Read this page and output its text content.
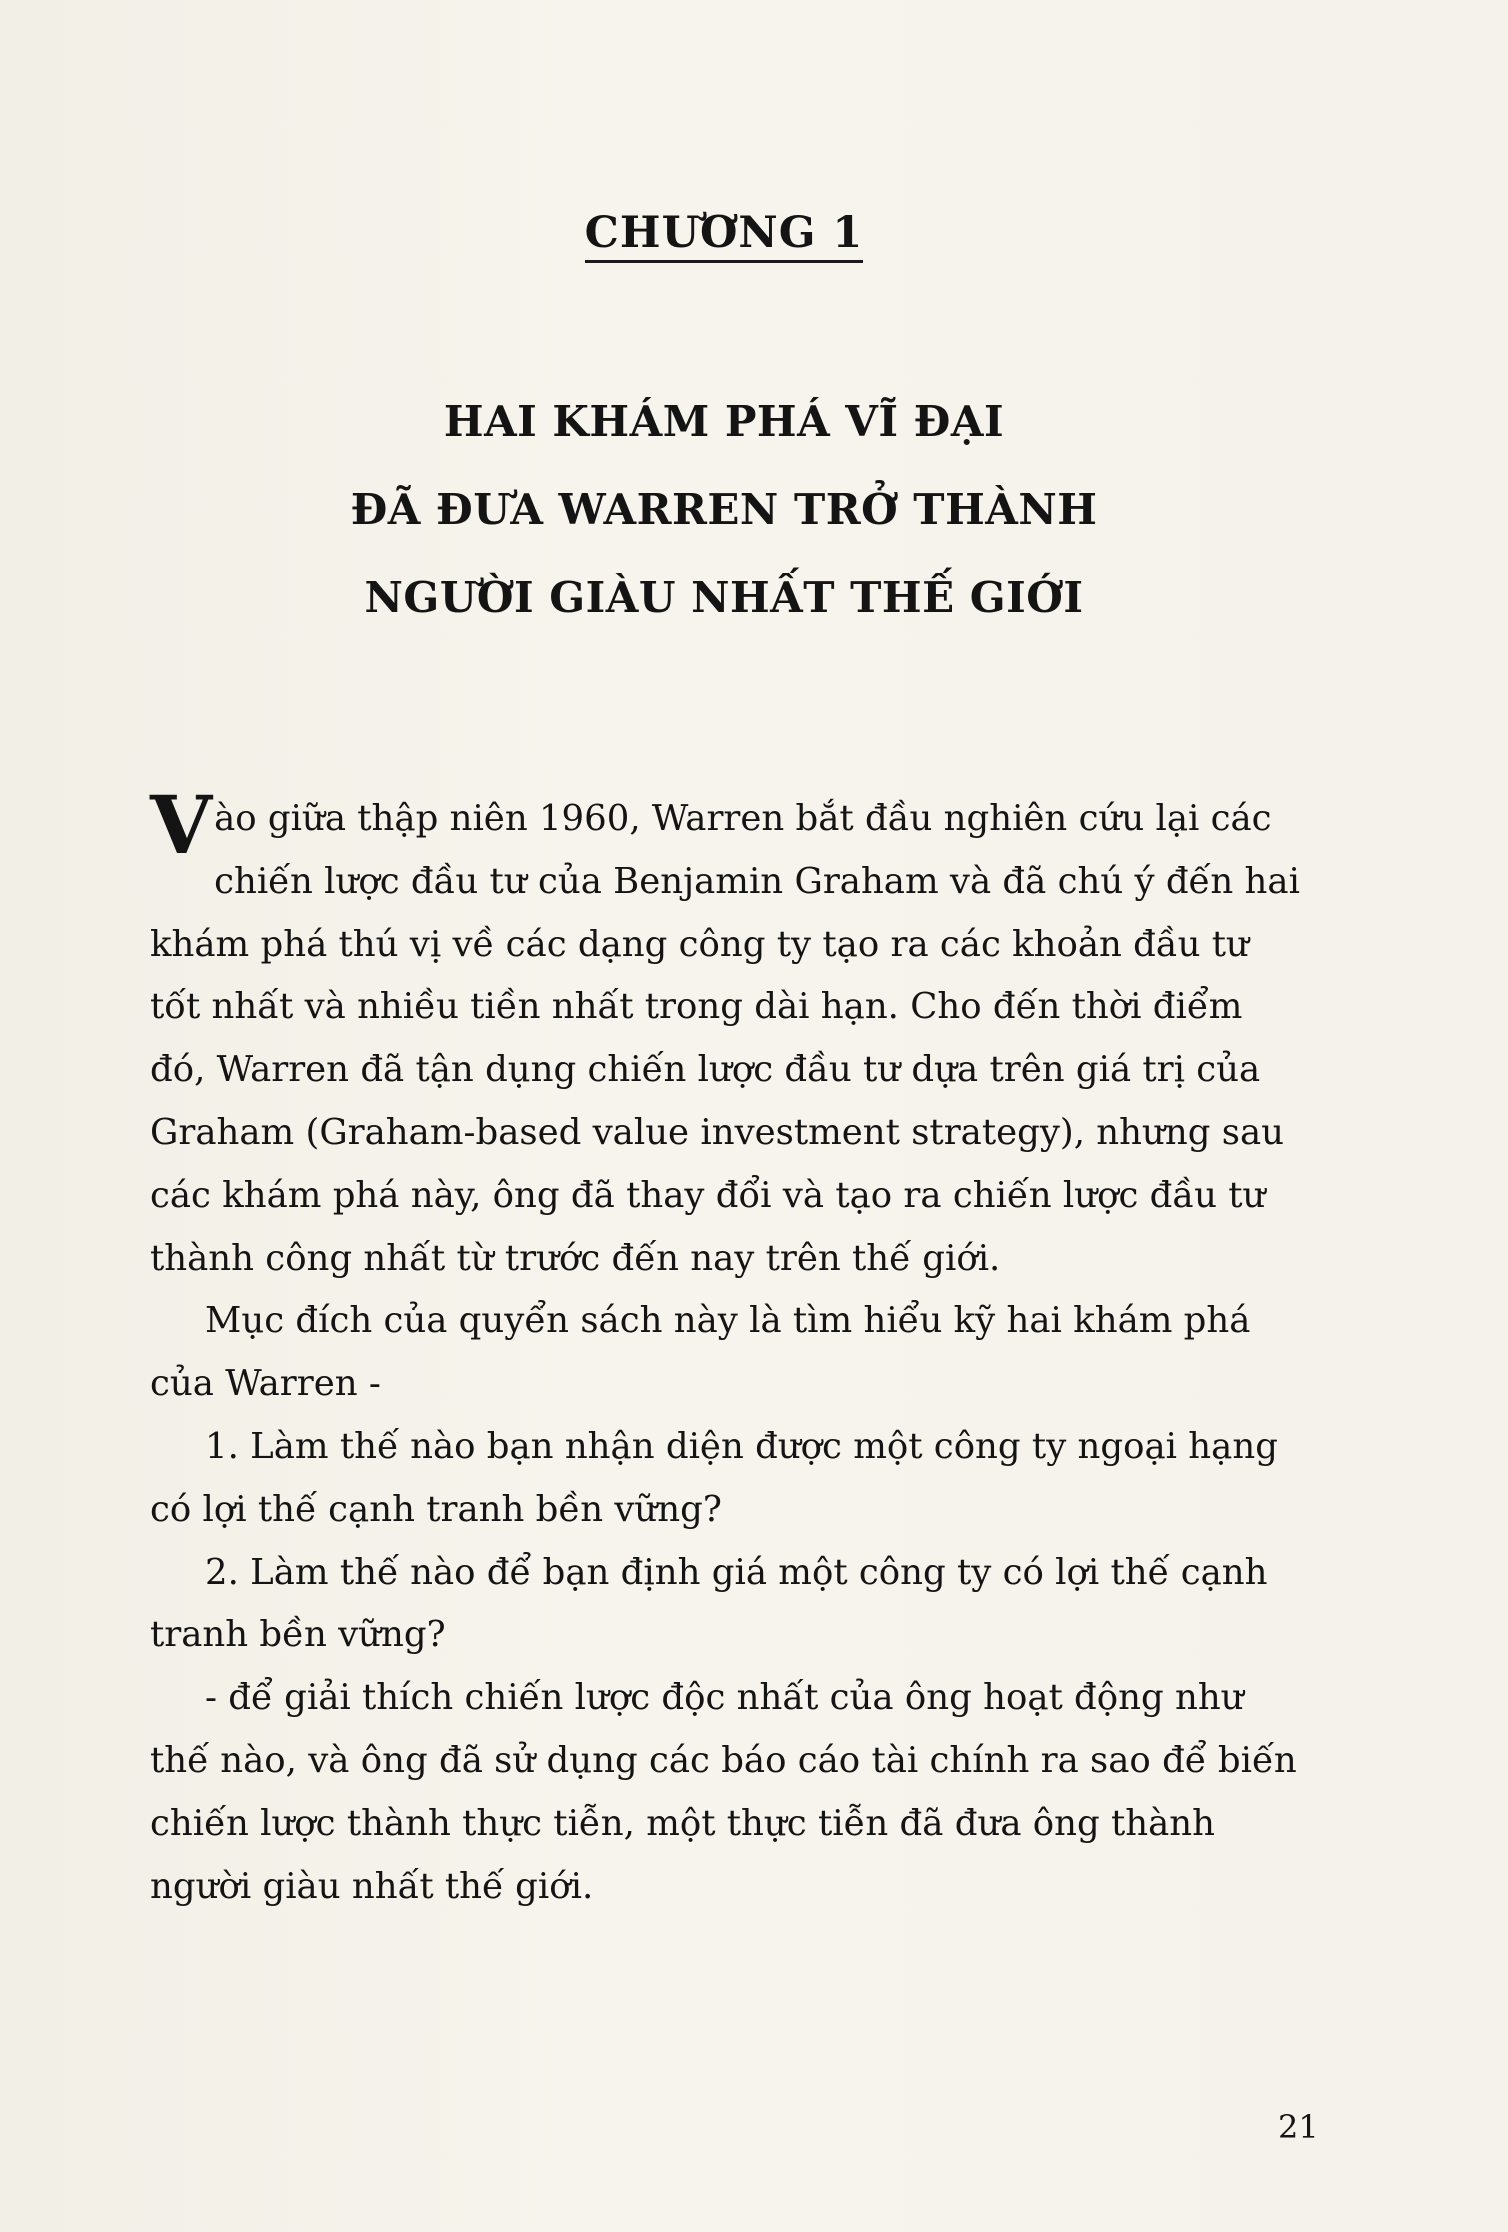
CHƯƠNG 1
HAI KHÁM PHÁ VĨ ĐẠI
ĐÃ ĐƯA WARREN TRỞ THÀNH
NGƯỜI GIÀU NHẤT THẾ GIỚI

Vào giữa thập niên 1960, Warren bắt đầu nghiên cứu lại các chiến lược đầu tư của Benjamin Graham và đã chú ý đến hai khám phá thú vị về các dạng công ty tạo ra các khoản đầu tư tốt nhất và nhiều tiền nhất trong dài hạn. Cho đến thời điểm đó, Warren đã tận dụng chiến lược đầu tư dựa trên giá trị của Graham (Graham-based value investment strategy), nhưng sau các khám phá này, ông đã thay đổi và tạo ra chiến lược đầu tư thành công nhất từ trước đến nay trên thế giới.

Mục đích của quyển sách này là tìm hiểu kỹ hai khám phá của Warren -

1. Làm thế nào bạn nhận diện được một công ty ngoại hạng có lợi thế cạnh tranh bền vững?

2. Làm thế nào để bạn định giá một công ty có lợi thế cạnh tranh bền vững?

- để giải thích chiến lược độc nhất của ông hoạt động như thế nào, và ông đã sử dụng các báo cáo tài chính ra sao để biến chiến lược thành thực tiễn, một thực tiễn đã đưa ông thành người giàu nhất thế giới.

21
